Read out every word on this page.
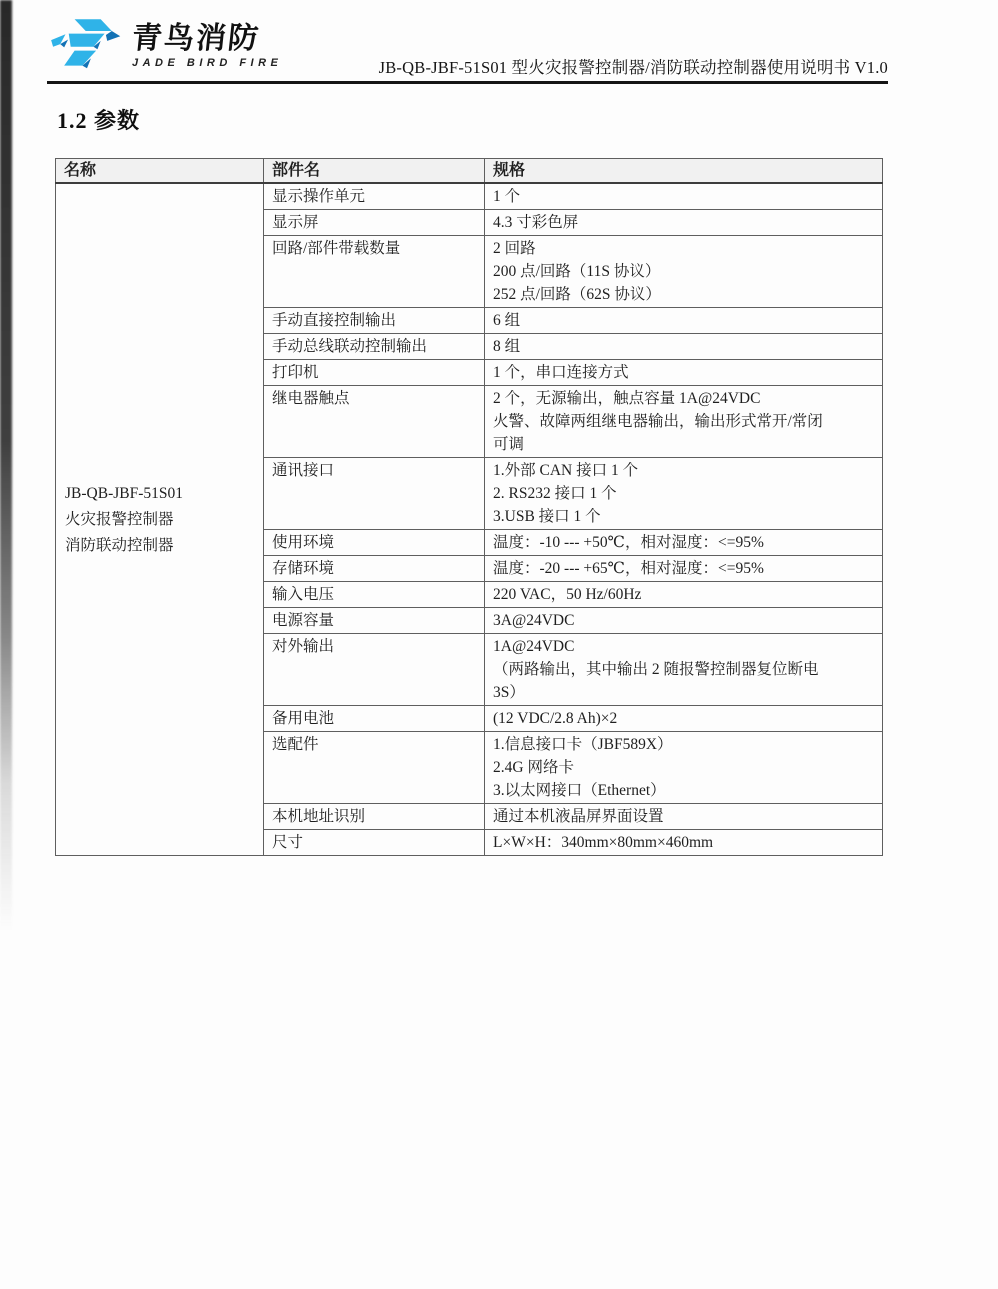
青鸟消防
JADE BIRD FIRE	JB-QB-JBF-51S01 型火灾报警控制器/消防联动控制器使用说明书 V1.0
1.2 参数
名称	部件名	规格

JB-QB-JBF-51S01
火灾报警控制器
消防联动控制器	显示操作单元	1 个

	显示屏	4.3 寸彩色屏

	回路/部件带载数量	2 回路
200 点/回路（11S 协议）
252 点/回路（62S 协议）

	手动直接控制输出	6 组

	手动总线联动控制输出	8 组

	打印机	1 个，串口连接方式

	继电器触点	2 个，无源输出，触点容量 1A@24VDC
火警、故障两组继电器输出，输出形式常开/常闭
可调

	通讯接口	1.外部 CAN 接口 1 个
2. RS232 接口 1 个
3.USB 接口 1 个

	使用环境	温度：-10 --- +50℃，相对湿度：<=95%

	存储环境	温度：-20 --- +65℃，相对湿度：<=95%

	输入电压	220 VAC，50 Hz/60Hz

	电源容量	3A@24VDC

	对外输出	1A@24VDC
（两路输出，其中输出 2 随报警控制器复位断电
3S）

	备用电池	(12 VDC/2.8 Ah)×2

	选配件	1.信息接口卡（JBF589X）
2.4G 网络卡
3.以太网接口（Ethernet）

	本机地址识别	通过本机液晶屏界面设置

	尺寸	L×W×H：340mm×80mm×460mm
